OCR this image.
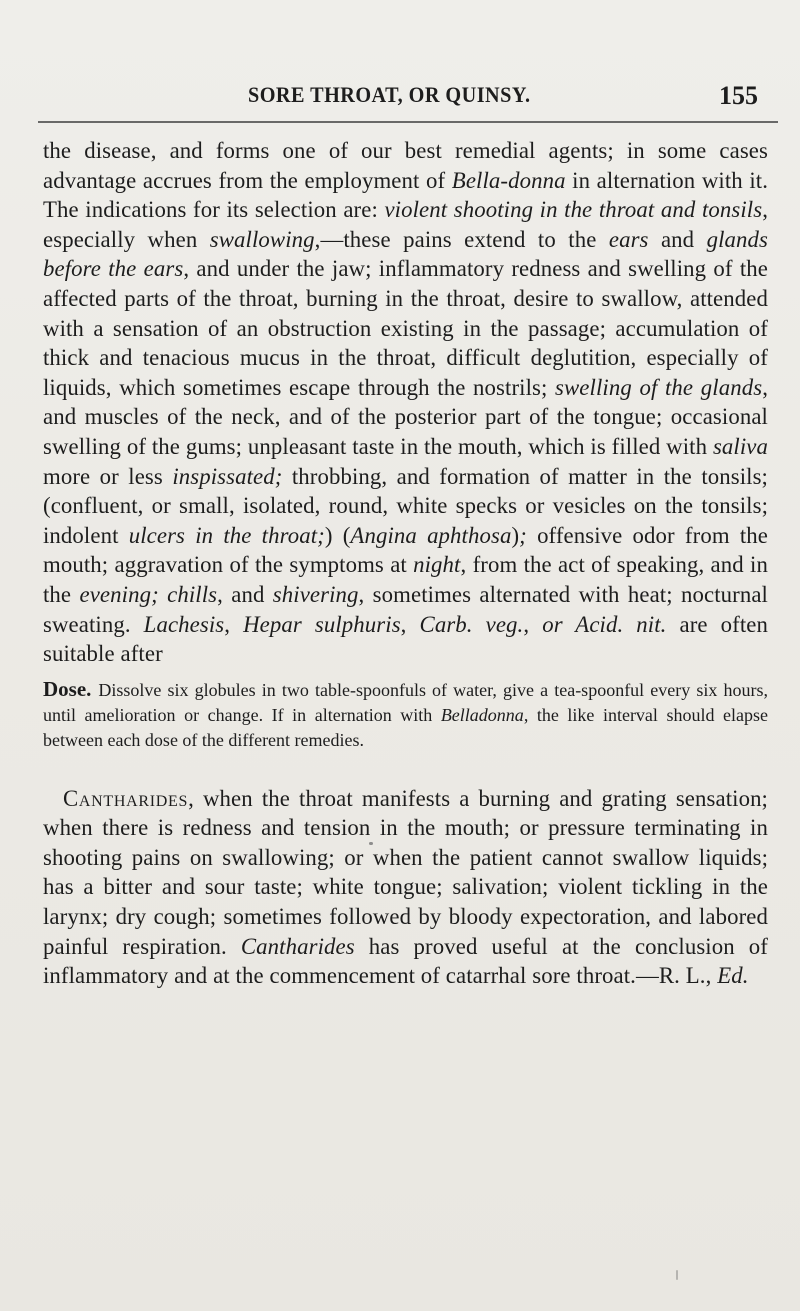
SORE THROAT, OR QUINSY.	155

the disease, and forms one of our best remedial agents; in some cases advantage accrues from the employment of Bella-donna in alternation with it. The indications for its selection are: violent shooting in the throat and tonsils, especially when swallowing,—these pains extend to the ears and glands before the ears, and under the jaw; inflammatory redness and swelling of the affected parts of the throat, burning in the throat, desire to swallow, attended with a sensation of an obstruction existing in the passage; accumulation of thick and tenacious mucus in the throat, difficult deglutition, especially of liquids, which sometimes escape through the nostrils; swelling of the glands, and muscles of the neck, and of the posterior part of the tongue; occasional swelling of the gums; unpleasant taste in the mouth, which is filled with saliva more or less inspissated; throbbing, and formation of matter in the tonsils; (confluent, or small, isolated, round, white specks or vesicles on the tonsils; indolent ulcers in the throat;) (Angina aphthosa); offensive odor from the mouth; aggravation of the symptoms at night, from the act of speaking, and in the evening; chills, and shivering, sometimes alternated with heat; nocturnal sweating. Lachesis, Hepar sulphuris, Carb. veg., or Acid. nit. are often suitable after

Dose. Dissolve six globules in two table-spoonfuls of water, give a tea-spoonful every six hours, until amelioration or change. If in alternation with Belladonna, the like interval should elapse between each dose of the different remedies.

Cantharides, when the throat manifests a burning and grating sensation; when there is redness and tension in the mouth; or pressure terminating in shooting pains on swallowing; or when the patient cannot swallow liquids; has a bitter and sour taste; white tongue; salivation; violent tickling in the larynx; dry cough; sometimes followed by bloody expectoration, and labored painful respiration. Cantharides has proved useful at the conclusion of inflammatory and at the commencement of catarrhal sore throat.—R. L., Ed.
